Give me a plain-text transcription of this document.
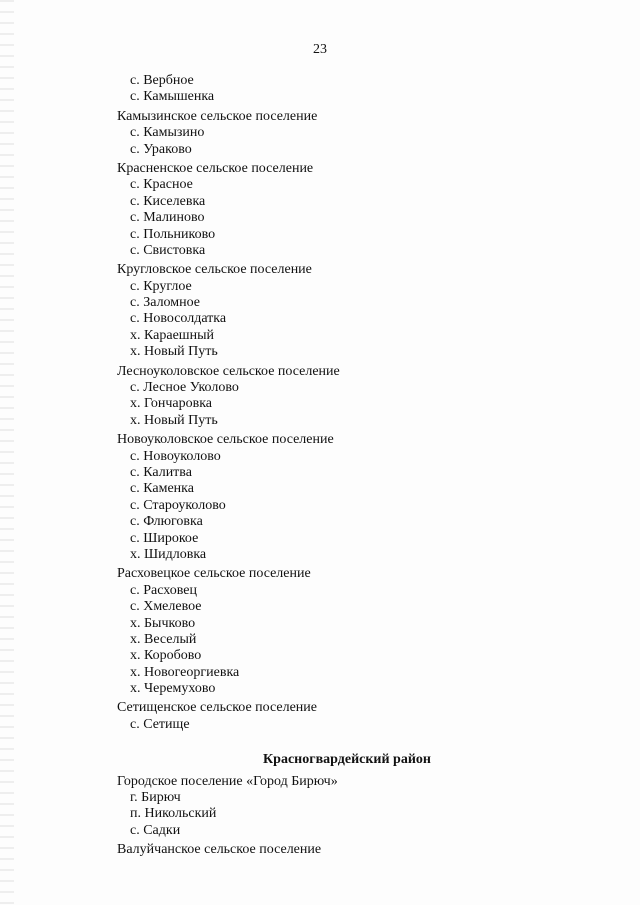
23
с. Вербное
с. Камышенка
Камызинское сельское поселение
с. Камызино
с. Ураково
Красненское сельское поселение
с. Красное
с. Киселевка
с. Малиново
с. Польниково
с. Свистовка
Кругловское сельское поселение
с. Круглое
с. Заломное
с. Новосолдатка
х. Караешный
х. Новый Путь
Лесноуколовское сельское поселение
с. Лесное Уколово
х. Гончаровка
х. Новый Путь
Новоуколовское сельское поселение
с. Новоуколово
с. Калитва
с. Каменка
с. Староуколово
с. Флюговка
с. Широкое
х. Шидловка
Расховецкое сельское поселение
с. Расховец
с. Хмелевое
х. Бычково
х. Веселый
х. Коробово
х. Новогеоргиевка
х. Черемухово
Сетищенское сельское поселение
с. Сетище
Красногвардейский район
Городское поселение «Город Бирюч»
г. Бирюч
п. Никольский
с. Садки
Валуйчанское сельское поселение
